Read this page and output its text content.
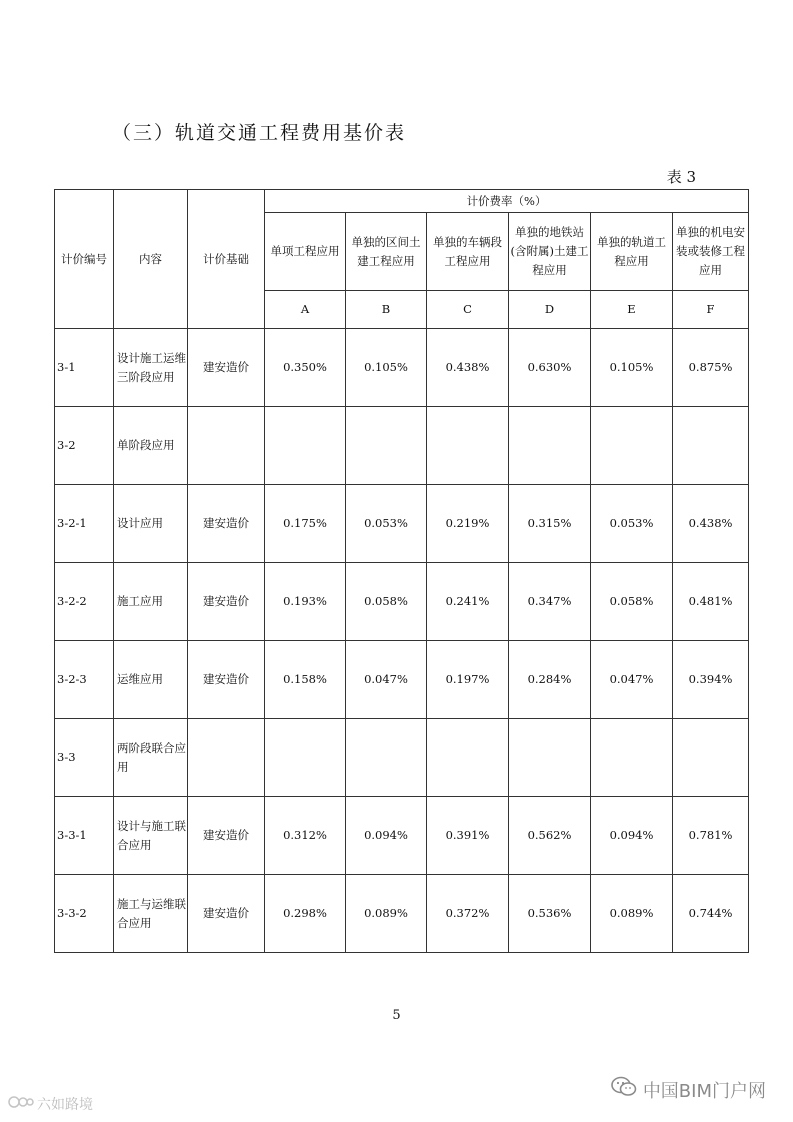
（三）轨道交通工程费用基价表
表 3
计价编号	内容	计价基础	计价费率（%）					
			单项工程应用	单独的区间土建工程应用	单独的车辆段工程应用	单独的地铁站(含附属)土建工程应用	单独的轨道工程应用	单独的机电安装或装修工程应用
			A	B	C	D	E	F
3-1	设计施工运维三阶段应用	建安造价	0.350%	0.105%	0.438%	0.630%	0.105%	0.875%
3-2	单阶段应用							
3-2-1	设计应用	建安造价	0.175%	0.053%	0.219%	0.315%	0.053%	0.438%
3-2-2	施工应用	建安造价	0.193%	0.058%	0.241%	0.347%	0.058%	0.481%
3-2-3	运维应用	建安造价	0.158%	0.047%	0.197%	0.284%	0.047%	0.394%
3-3	两阶段联合应用							
3-3-1	设计与施工联合应用	建安造价	0.312%	0.094%	0.391%	0.562%	0.094%	0.781%
3-3-2	施工与运维联合应用	建安造价	0.298%	0.089%	0.372%	0.536%	0.089%	0.744%
5
六如路境
中国BIM门户网
